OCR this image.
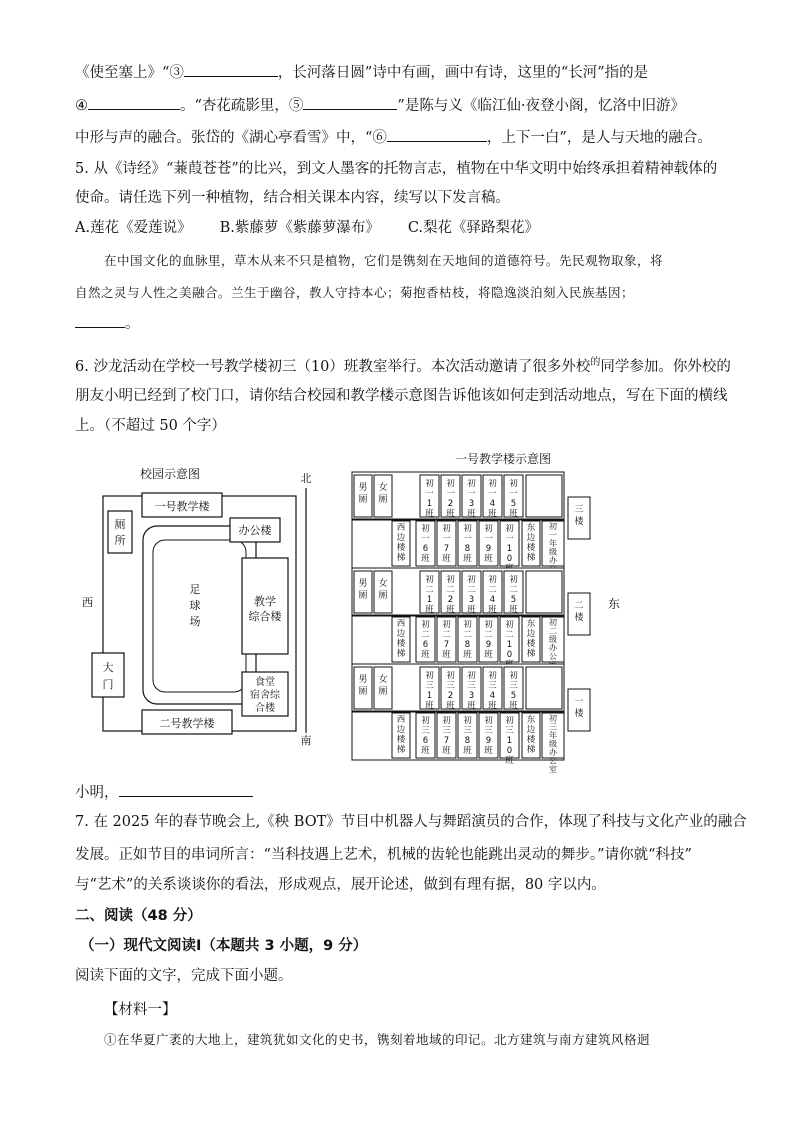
《使至塞上》“③	，长河落日圆”诗中有画，画中有诗，这里的“长河”指的是
④	。“杏花疏影里，⑤	”是陈与义《临江仙·夜登小阁，忆洛中旧游》
中形与声的融合。张岱的《湖心亭看雪》中，“⑥	，上下一白”，是人与天地的融合。
5. 从《诗经》“蒹葭苍苍”的比兴，到文人墨客的托物言志，植物在中华文明中始终承担着精神载体的
使命。请任选下列一种植物，结合相关课本内容，续写以下发言稿。
A.莲花《爱莲说》 B.紫藤萝《紫藤萝瀑布》 C.梨花《驿路梨花》
在中国文化的血脉里，草木从来不只是植物，它们是镌刻在天地间的道德符号。先民观物取象，将
自然之灵与人性之美融合。兰生于幽谷，教人守持本心；菊抱香枯枝，将隐逸淡泊刻入民族基因；
。
6. 沙龙活动在学校一号教学楼初三（10）班教室举行。本次活动邀请了很多外校$^的$同学参加。你外校的
朋友小明已经到了校门口，请你结合校园和教学楼示意图告诉他该如何走到活动地点，写在下面的横线
上。（不超过 50 个字）
校园示意图
足球场
一号教学楼
厕
所
办公楼
教学
综合楼
大
门	食堂
宿舍综
合楼
二号教学楼
北
南
西
一号教学楼示意图
东
男厕
女厕
初一 1 班
初一 2 班
初一 3 班
初一 4 班
初一 5 班
西边楼梯
初一 6 班
初一 7 班
初一 8 班
初一 9 班
初一 1 0
东边楼梯
初一年级办
三楼
男厕
女厕
初二 1 班
初二 2 班
初二 3 班
初二 4 班
初二 5 班
西边楼梯
初二 6 班
初二 7 班
初二 8 班
初二 9 班
初二 1 0
东边楼梯
初二级办公
二楼
男厕
女厕
初三 1 班
初三 2 班
初三 3 班
初三 4 班
初三 5 班
西边楼梯
初三 6 班
初三 7 班
初三 8 班
初三 9 班
初三 1 0 班
东边楼梯
初三年级办公室
一楼
小明，
7. 在 2025 年的春节晚会上,《秧 BOT》节目中机器人与舞蹈演员的合作，体现了科技与文化产业的融合
发展。正如节目的串词所言：“当科技遇上艺术，机械的齿轮也能跳出灵动的舞步。”请你就“科技”
与“艺术”的关系谈谈你的看法，形成观点，展开论述，做到有理有据，80 字以内。
二、阅读（48 分）
（一）现代文阅读Ⅰ（本题共 3 小题，9 分）
阅读下面的文字，完成下面小题。
【材料一】
①在华夏广袤的大地上，建筑犹如文化的史书，镌刻着地域的印记。北方建筑与南方建筑风格迥
